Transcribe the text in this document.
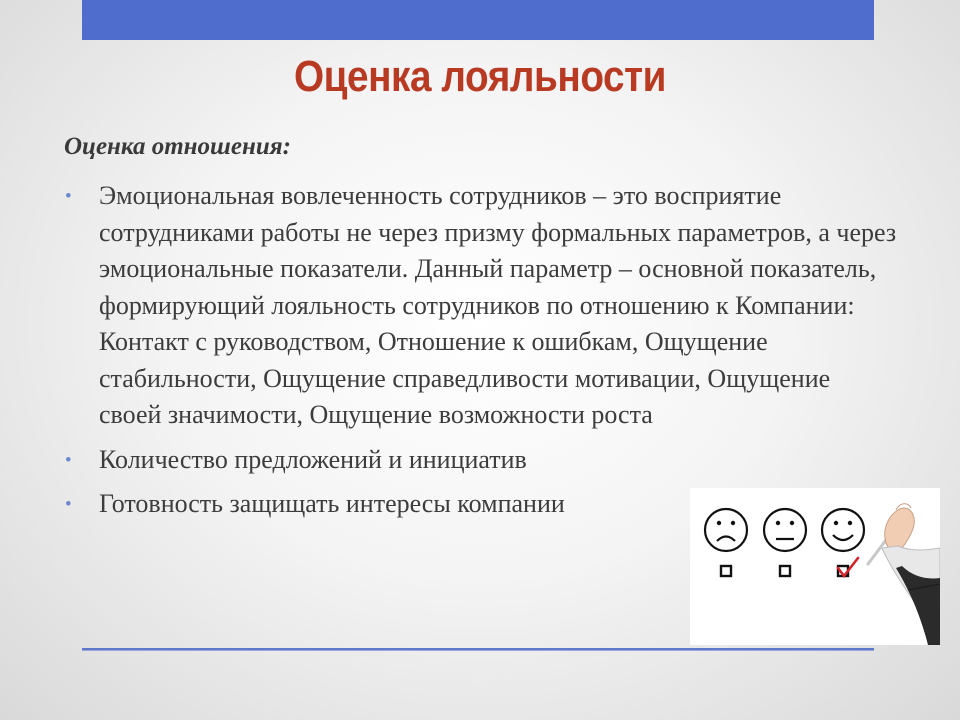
Оценка лояльности
Оценка отношения:
• Эмоциональная вовлеченность сотрудников – это восприятие сотрудниками работы не через призму формальных параметров, а через эмоциональные показатели. Данный параметр – основной показатель, формирующий лояльность сотрудников по отношению к Компании: Контакт с руководством, Отношение к ошибкам, Ощущение стабильности, Ощущение справедливости мотивации, Ощущение своей значимости, Ощущение возможности роста
• Количество предложений и инициатив
• Готовность защищать интересы компании
